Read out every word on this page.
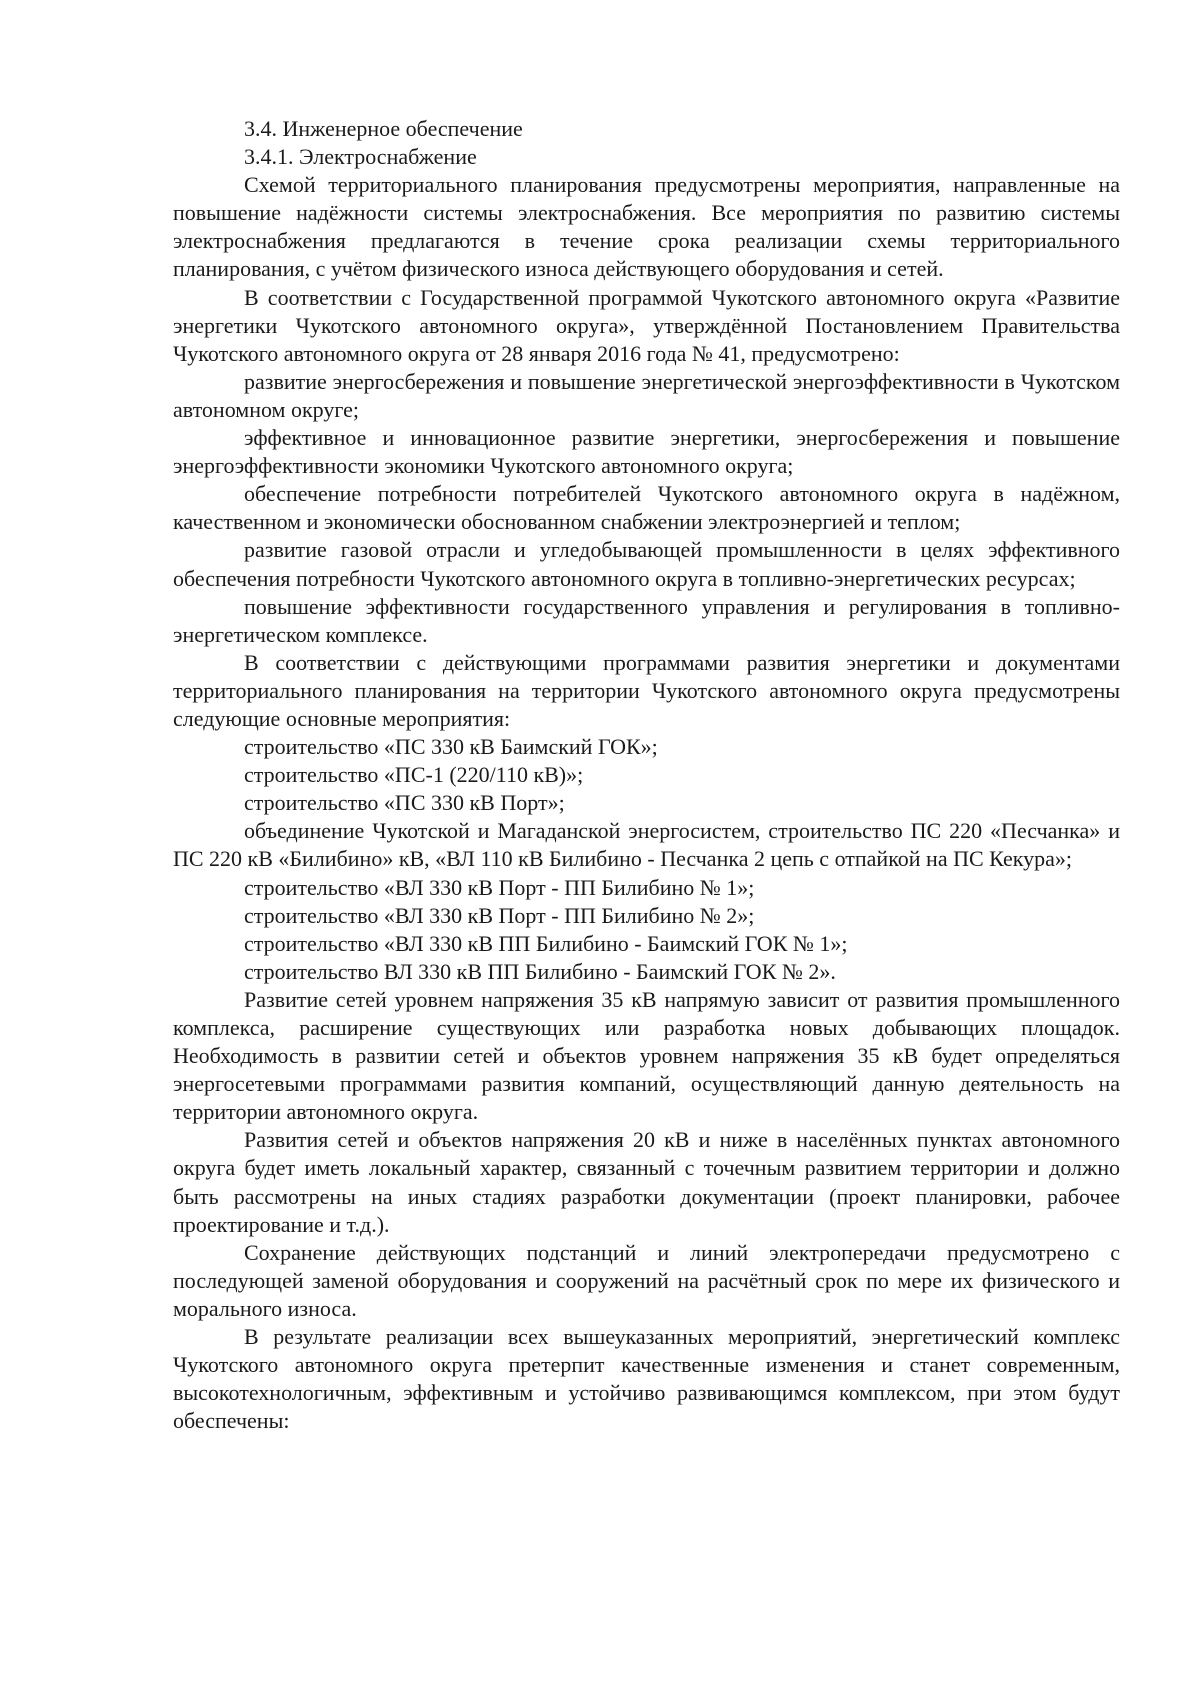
3.4. Инженерное обеспечение

3.4.1. Электроснабжение

Схемой территориального планирования предусмотрены мероприятия, направленные на повышение надёжности системы электроснабжения. Все мероприятия по развитию системы электроснабжения предлагаются в течение срока реализации схемы территориального планирования, с учётом физического износа действующего оборудования и сетей.

В соответствии с Государственной программой Чукотского автономного округа «Развитие энергетики Чукотского автономного округа», утверждённой Постановлением Правительства Чукотского автономного округа от 28 января 2016 года № 41, предусмотрено:

развитие энергосбережения и повышение энергетической энергоэффективности в Чукотском автономном округе;

эффективное и инновационное развитие энергетики, энергосбережения и повышение энергоэффективности экономики Чукотского автономного округа;

обеспечение потребности потребителей Чукотского автономного округа в надёжном, качественном и экономически обоснованном снабжении электроэнергией и теплом;

развитие газовой отрасли и угледобывающей промышленности в целях эффективного обеспечения потребности Чукотского автономного округа в топливно-энергетических ресурсах;

повышение эффективности государственного управления и регулирования в топливно-энергетическом комплексе.

В соответствии с действующими программами развития энергетики и документами территориального планирования на территории Чукотского автономного округа предусмотрены следующие основные мероприятия:

строительство «ПС 330 кВ Баимский ГОК»;

строительство «ПС-1 (220/110 кВ)»;

строительство «ПС 330 кВ Порт»;

объединение Чукотской и Магаданской энергосистем, строительство ПС 220 «Песчанка» и ПС 220 кВ «Билибино» кВ, «ВЛ 110 кВ Билибино - Песчанка 2 цепь с отпайкой на ПС Кекура»;

строительство «ВЛ 330 кВ Порт - ПП Билибино № 1»;

строительство «ВЛ 330 кВ Порт - ПП Билибино № 2»;

строительство «ВЛ 330 кВ ПП Билибино - Баимский ГОК № 1»;

строительство ВЛ 330 кВ ПП Билибино - Баимский ГОК № 2».

Развитие сетей уровнем напряжения 35 кВ напрямую зависит от развития промышленного комплекса, расширение существующих или разработка новых добывающих площадок. Необходимость в развитии сетей и объектов уровнем напряжения 35 кВ будет определяться энергосетевыми программами развития компаний, осуществляющий данную деятельность на территории автономного округа.

Развития сетей и объектов напряжения 20 кВ и ниже в населённых пунктах автономного округа будет иметь локальный характер, связанный с точечным развитием территории и должно быть рассмотрены на иных стадиях разработки документации (проект планировки, рабочее проектирование и т.д.).

Сохранение действующих подстанций и линий электропередачи предусмотрено с последующей заменой оборудования и сооружений на расчётный срок по мере их физического и морального износа.

В результате реализации всех вышеуказанных мероприятий, энергетический комплекс Чукотского автономного округа претерпит качественные изменения и станет современным, высокотехнологичным, эффективным и устойчиво развивающимся комплексом, при этом будут обеспечены:
